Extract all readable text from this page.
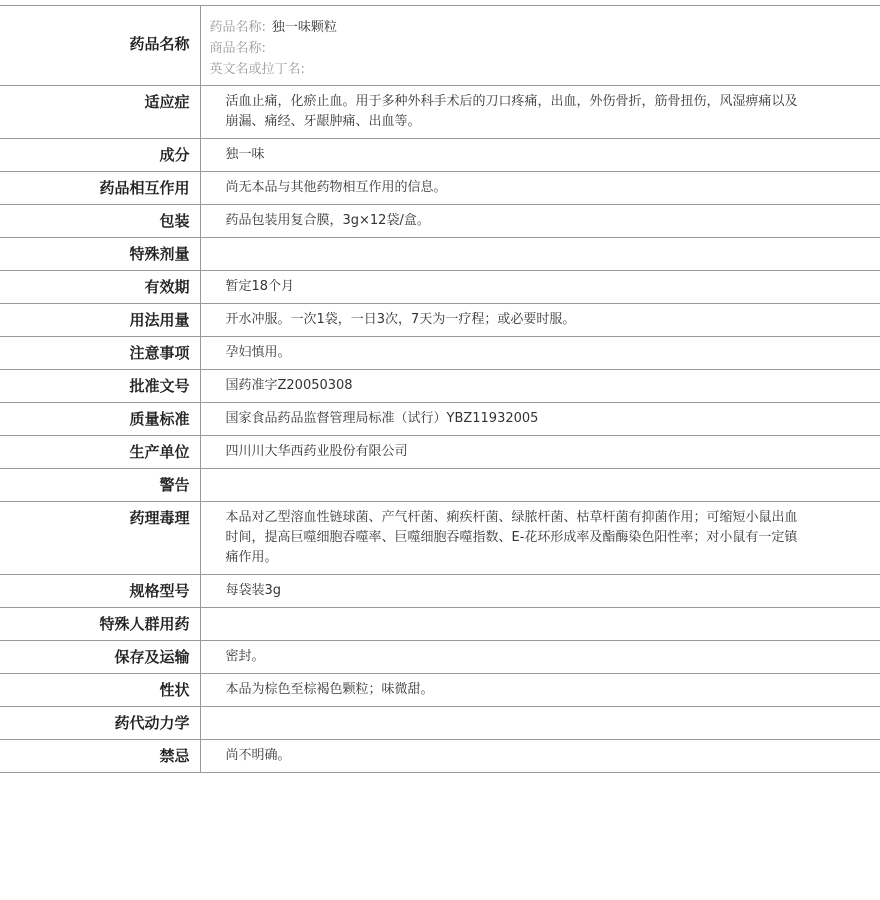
药品名称	药品名称: 独一味颗粒
商品名称:
英文名或拉丁名:

适应症	活血止痛，化瘀止血。用于多种外科手术后的刀口疼痛，出血，外伤骨折，筋骨扭伤，风湿痹痛以及崩漏、痛经、牙龈肿痛、出血等。
成分	独一味
药品相互作用	尚无本品与其他药物相互作用的信息。
包装	药品包装用复合膜，3g×12袋/盒。
特殊剂量	
有效期	暂定18个月
用法用量	开水冲服。一次1袋，一日3次，7天为一疗程；或必要时服。
注意事项	孕妇慎用。
批准文号	国药准字Z20050308
质量标准	国家食品药品监督管理局标准（试行）YBZ11932005
生产单位	四川川大华西药业股份有限公司
警告	
药理毒理	本品对乙型溶血性链球菌、产气杆菌、痢疾杆菌、绿脓杆菌、枯草杆菌有抑菌作用；可缩短小鼠出血时间，提高巨噬细胞吞噬率、巨噬细胞吞噬指数、E-花环形成率及酯酶染色阳性率；对小鼠有一定镇痛作用。
规格型号	每袋装3g
特殊人群用药	
保存及运输	密封。
性状	本品为棕色至棕褐色颗粒；味微甜。
药代动力学	
禁忌	尚不明确。
